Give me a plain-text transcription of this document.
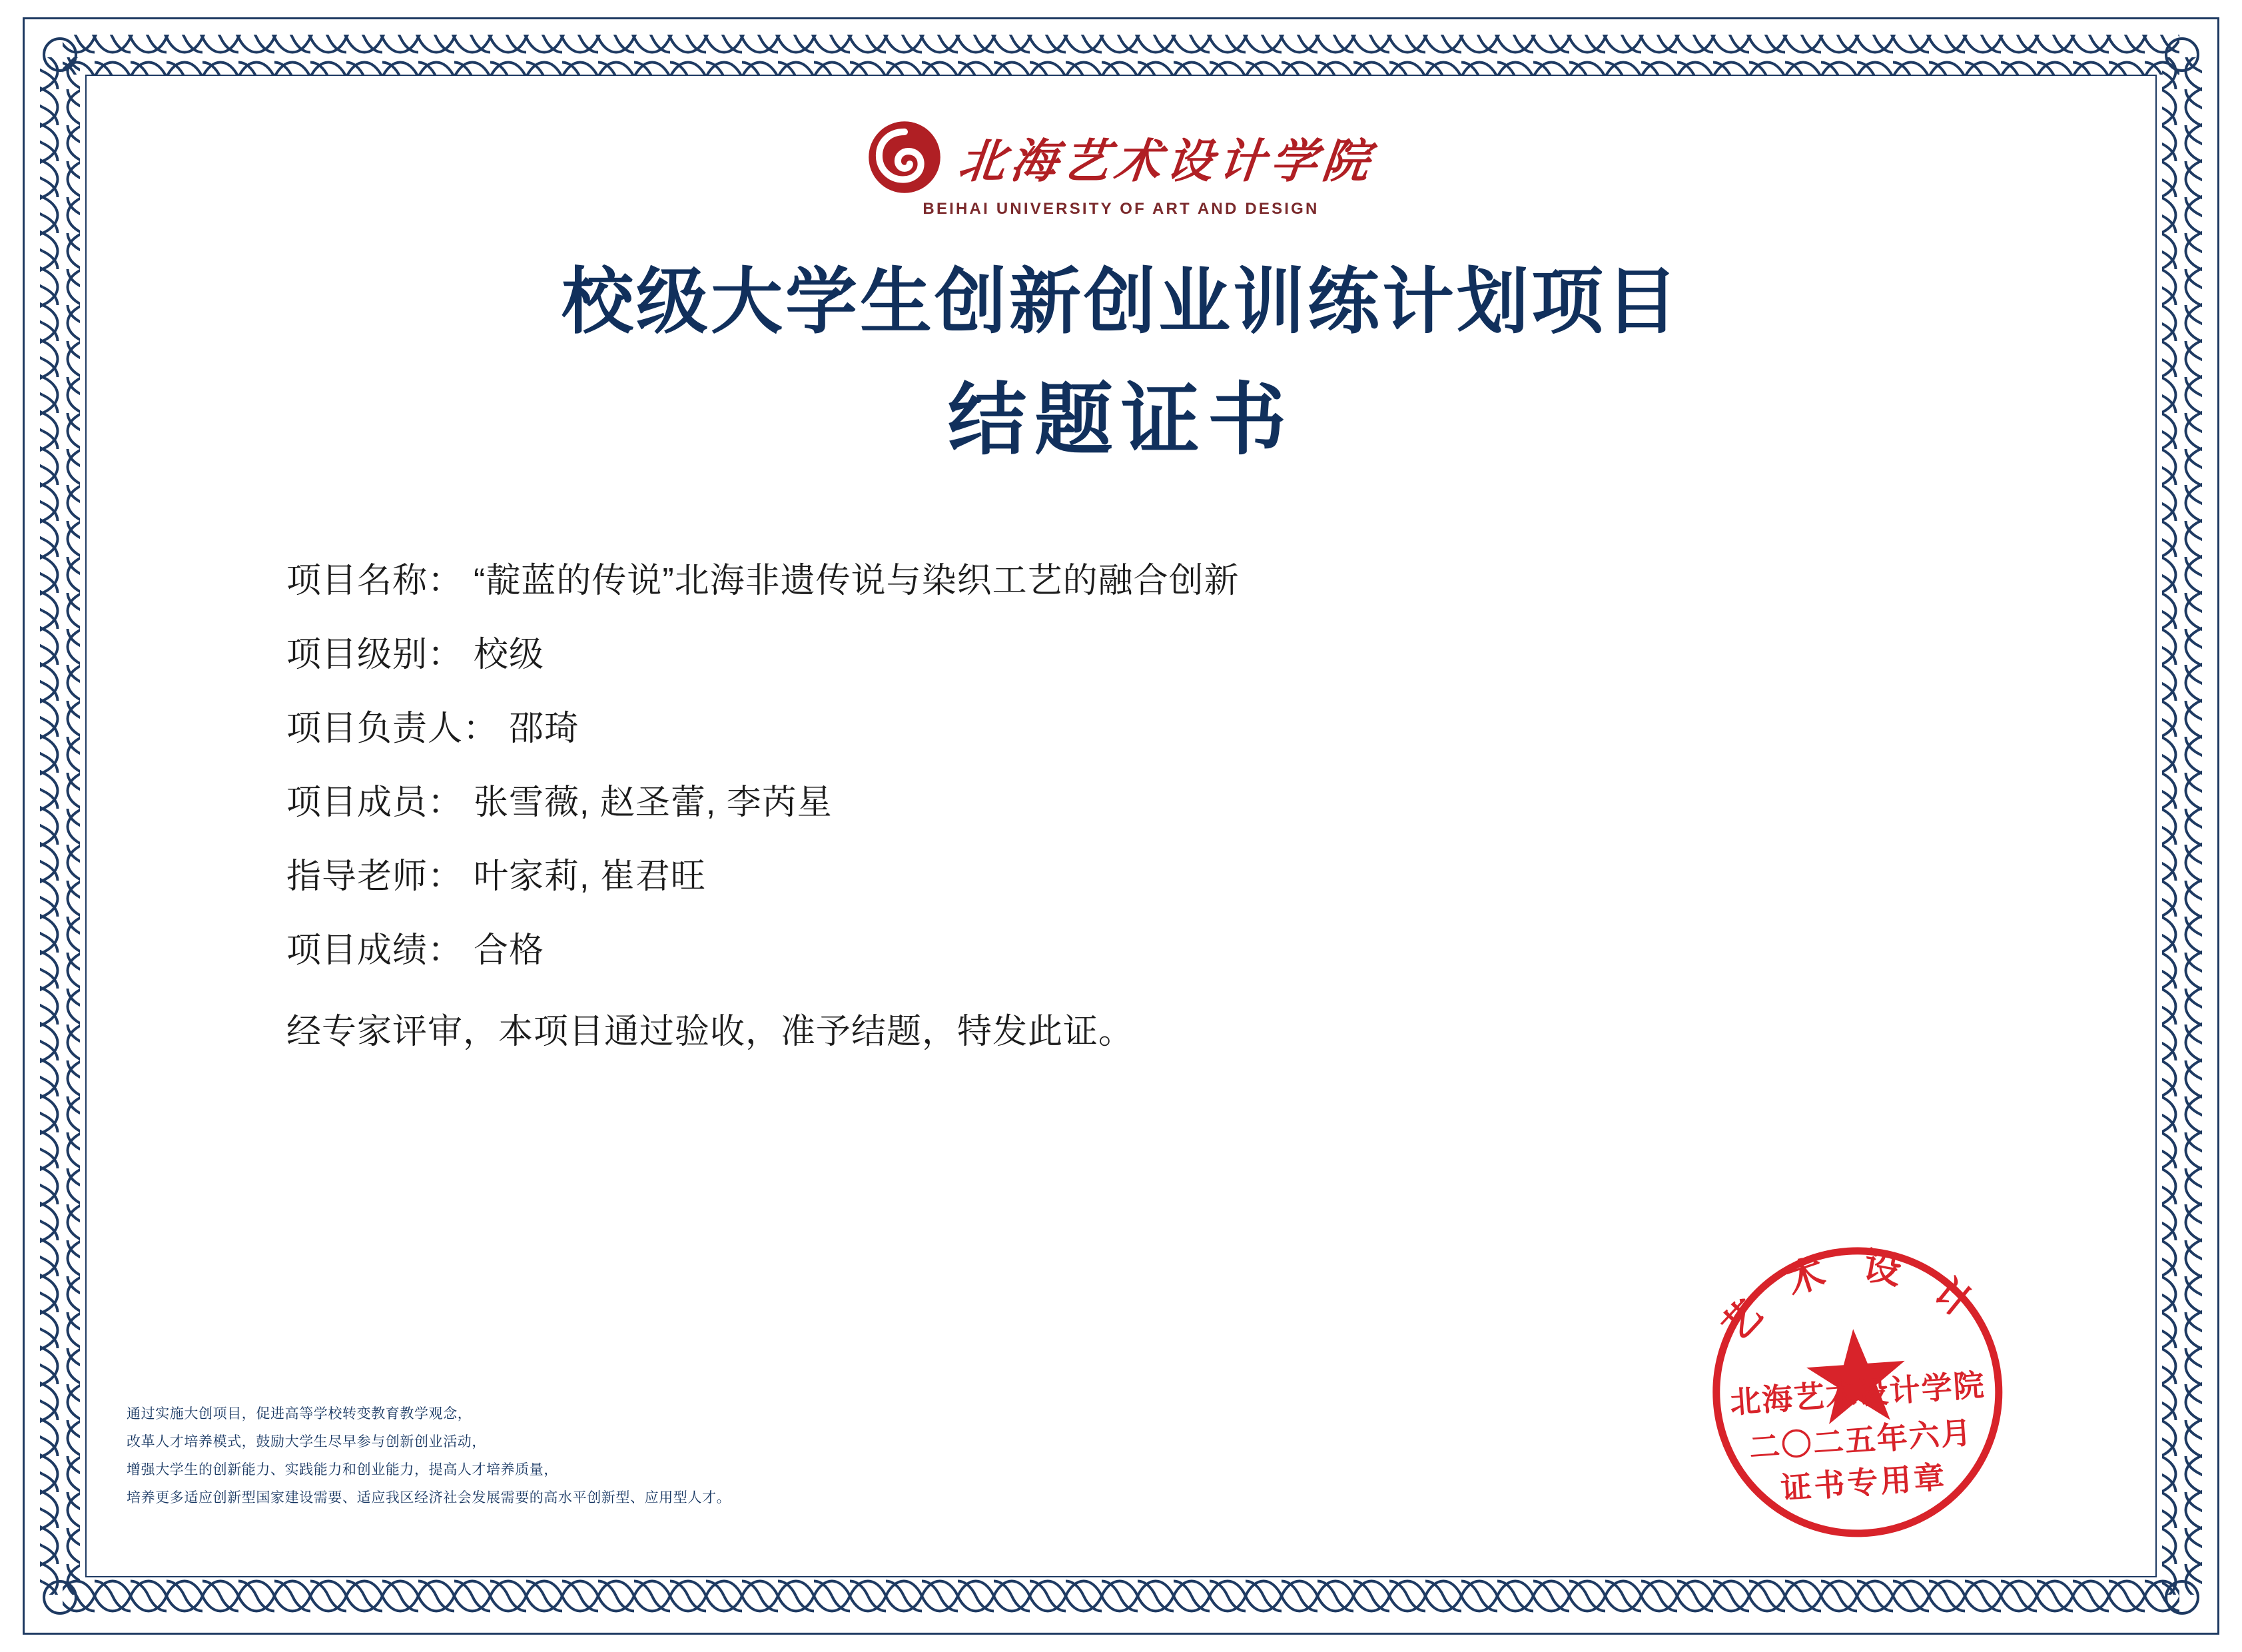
北海艺术设计学院
BEIHAI UNIVERSITY OF ART AND DESIGN
校级大学生创新创业训练计划项目
结题证书
项目名称： “靛蓝的传说”北海非遗传说与染织工艺的融合创新
项目级别： 校级
项目负责人： 邵琦
项目成员： 张雪薇, 赵圣蕾, 李芮星
指导老师： 叶家莉, 崔君旺
项目成绩： 合格
经专家评审，本项目通过验收，准予结题，特发此证。
通过实施大创项目，促进高等学校转变教育教学观念，
改革人才培养模式，鼓励大学生尽早参与创新创业活动，
增强大学生的创新能力、实践能力和创业能力，提高人才培养质量，
培养更多适应创新型国家建设需要、适应我区经济社会发展需要的高水平创新型、应用型人才。
艺 术 设 计
北海艺术设计学院
二〇二五年六月
证书专用章
